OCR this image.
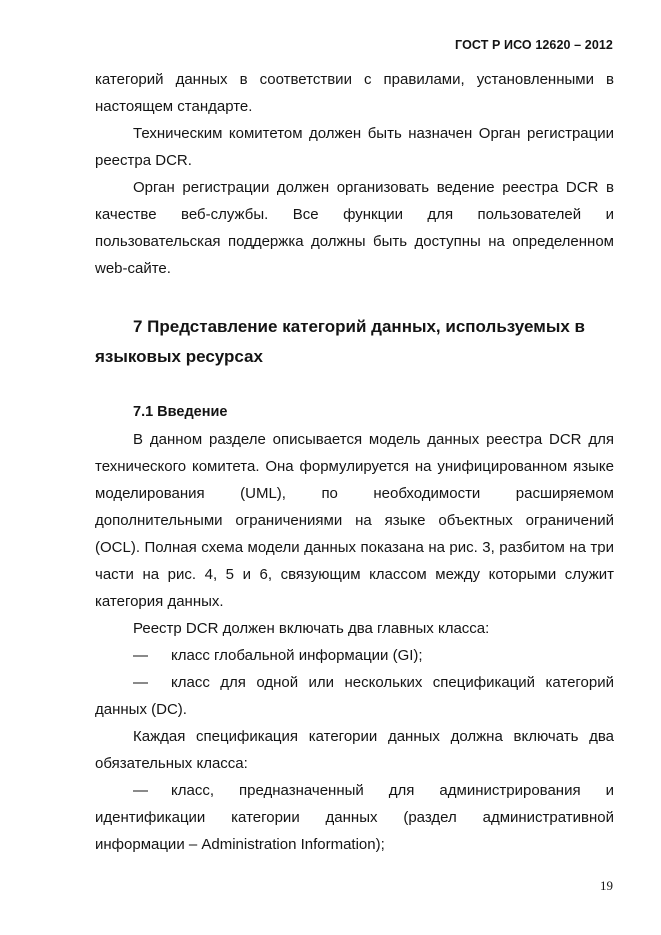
ГОСТ Р ИСО 12620 – 2012

категорий данных в соответствии с правилами, установленными в настоящем стандарте.

Техническим комитетом должен быть назначен Орган регистрации реестра DCR.

Орган регистрации должен организовать ведение реестра DCR в качестве веб-службы. Все функции для пользователей и пользовательская поддержка должны быть доступны на определенном web-сайте.

7 Представление категорий данных, используемых в языковых ресурсах
7.1 Введение

В данном разделе описывается модель данных реестра DCR для технического комитета. Она формулируется на унифицированном языке моделирования (UML), по необходимости расширяемом дополнительными ограничениями на языке объектных ограничений (OCL). Полная схема модели данных показана на рис. 3, разбитом на три части на рис. 4, 5 и 6, связующим классом между которыми служит категория данных.

Реестр DCR должен включать два главных класса:

— класс глобальной информации (GI);

— класс для одной или нескольких спецификаций категорий данных (DC).

Каждая спецификация категории данных должна включать два обязательных класса:

— класс, предназначенный для администрирования и идентификации категории данных (раздел административной информации – Administration Information);

19
